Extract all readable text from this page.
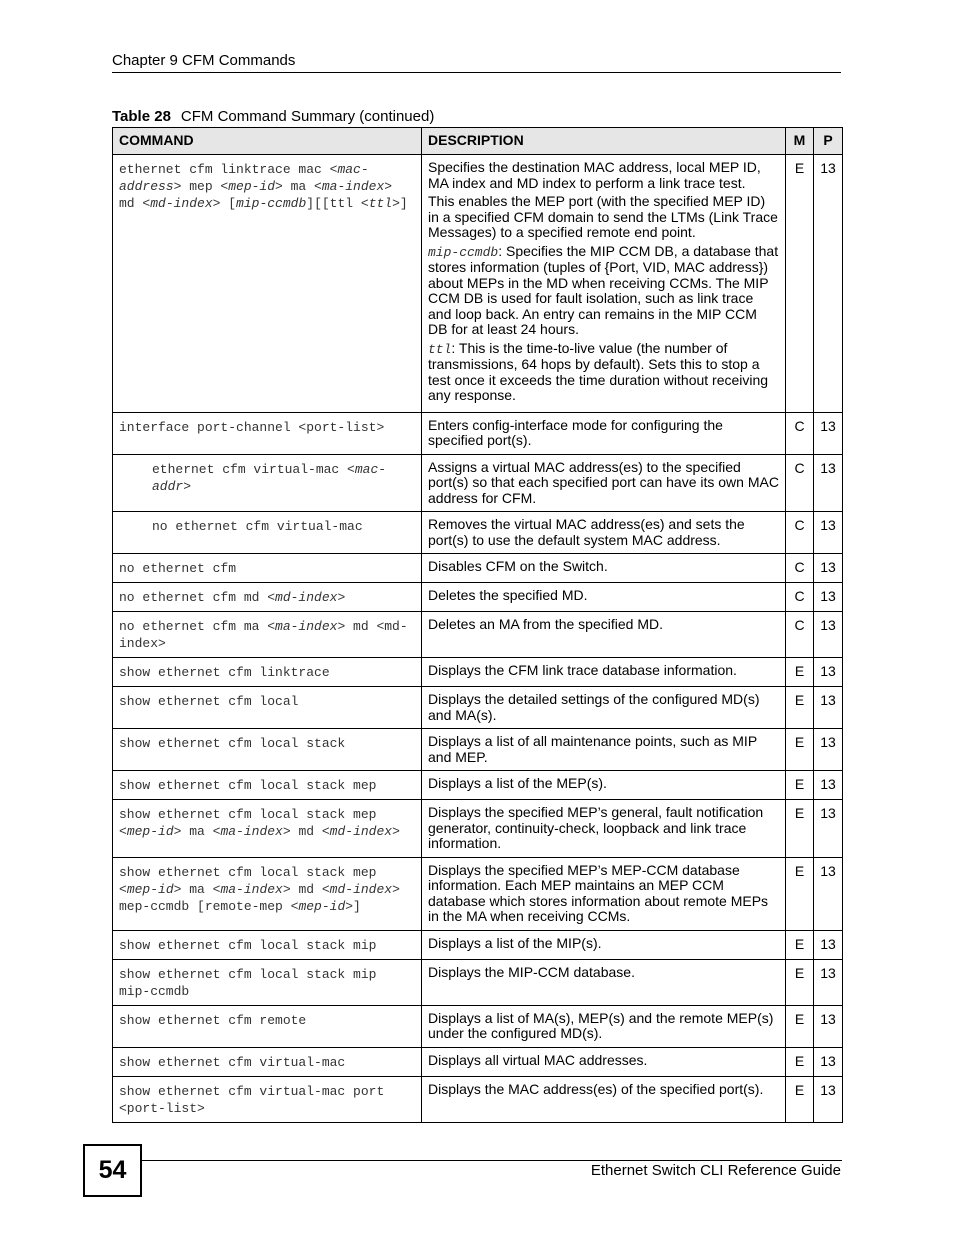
Chapter 9 CFM Commands
Table 28 CFM Command Summary (continued)
COMMAND	DESCRIPTION	M	P
ethernet cfm linktrace mac <mac-address> mep <mep-id> ma <ma-index> md <md-index> [mip-ccmdb][[ttl <ttl>]	Specifies the destination MAC address, local MEP ID, MA index and MD index to perform a link trace test.

This enables the MEP port (with the specified MEP ID) in a specified CFM domain to send the LTMs (Link Trace Messages) to a specified remote end point.

mip-ccmdb: Specifies the MIP CCM DB, a database that stores information (tuples of {Port, VID, MAC address}) about MEPs in the MD when receiving CCMs. The MIP CCM DB is used for fault isolation, such as link trace and loop back. An entry can remains in the MIP CCM DB for at least 24 hours.

ttl: This is the time-to-live value (the number of transmissions, 64 hops by default). Sets this to stop a test once it exceeds the time duration without receiving any response.	E	13
interface port-channel <port-list>	Enters config-interface mode for configuring the specified port(s).	C	13
ethernet cfm virtual-mac <mac-addr>	Assigns a virtual MAC address(es) to the specified port(s) so that each specified port can have its own MAC address for CFM.	C	13
no ethernet cfm virtual-mac	Removes the virtual MAC address(es) and sets the port(s) to use the default system MAC address.	C	13
no ethernet cfm	Disables CFM on the Switch.	C	13
no ethernet cfm md <md-index>	Deletes the specified MD.	C	13
no ethernet cfm ma <ma-index> md <md-index>	Deletes an MA from the specified MD.	C	13
show ethernet cfm linktrace	Displays the CFM link trace database information.	E	13
show ethernet cfm local	Displays the detailed settings of the configured MD(s) and MA(s).	E	13
show ethernet cfm local stack	Displays a list of all maintenance points, such as MIP and MEP.	E	13
show ethernet cfm local stack mep	Displays a list of the MEP(s).	E	13
show ethernet cfm local stack mep <mep-id> ma <ma-index> md <md-index>	Displays the specified MEP’s general, fault notification generator, continuity-check, loopback and link trace information.	E	13
show ethernet cfm local stack mep <mep-id> ma <ma-index> md <md-index> mep-ccmdb [remote-mep <mep-id>]	Displays the specified MEP’s MEP-CCM database information. Each MEP maintains an MEP CCM database which stores information about remote MEPs in the MA when receiving CCMs.	E	13
show ethernet cfm local stack mip	Displays a list of the MIP(s).	E	13
show ethernet cfm local stack mip mip-ccmdb	Displays the MIP-CCM database.	E	13
show ethernet cfm remote	Displays a list of MA(s), MEP(s) and the remote MEP(s) under the configured MD(s).	E	13
show ethernet cfm virtual-mac	Displays all virtual MAC addresses.	E	13
show ethernet cfm virtual-mac port <port-list>	Displays the MAC address(es) of the specified port(s).	E	13
54	Ethernet Switch CLI Reference Guide
